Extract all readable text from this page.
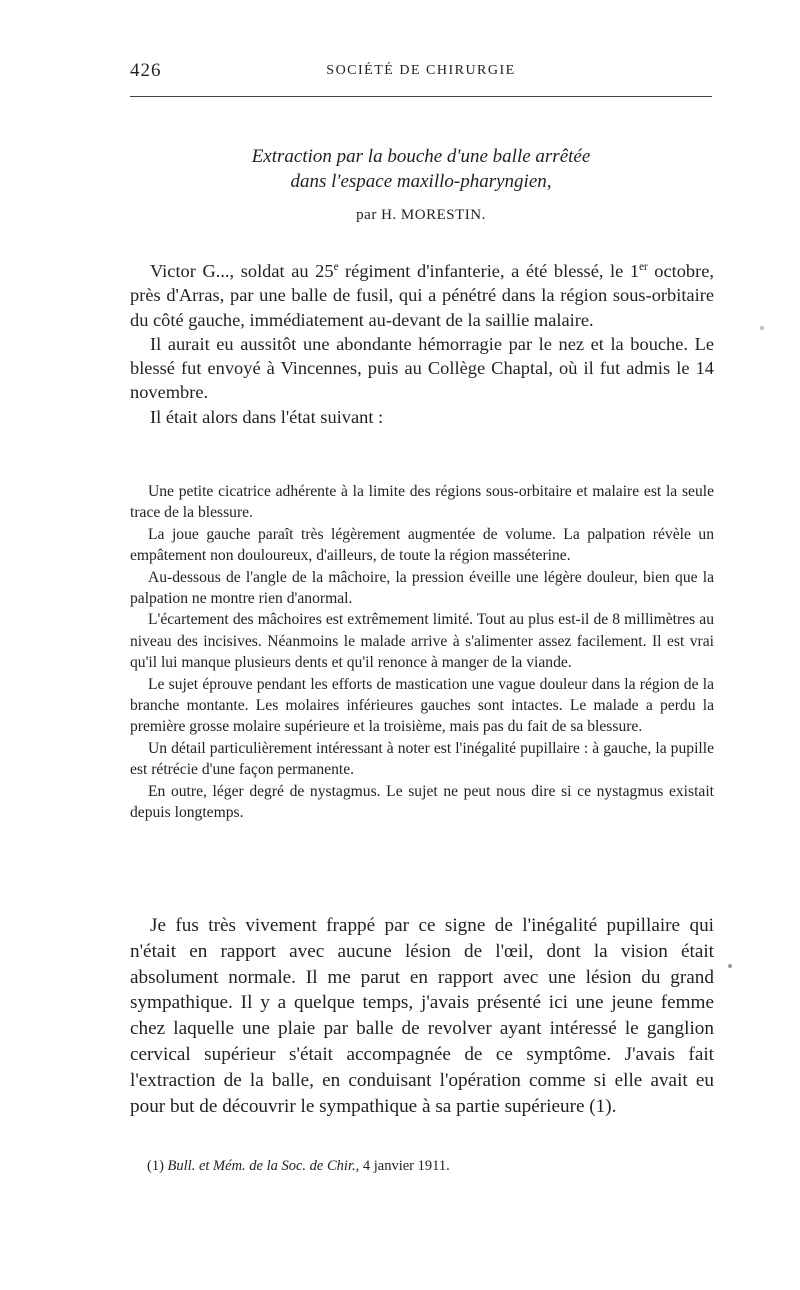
426	SOCIÉTÉ DE CHIRURGIE
Extraction par la bouche d'une balle arrêtée
dans l'espace maxillo-pharyngien,
par H. MORESTIN.

Victor G..., soldat au 25e régiment d'infanterie, a été blessé, le 1er octobre, près d'Arras, par une balle de fusil, qui a pénétré dans la région sous-orbitaire du côté gauche, immédiatement au-devant de la saillie malaire.

Il aurait eu aussitôt une abondante hémorragie par le nez et la bouche. Le blessé fut envoyé à Vincennes, puis au Collège Chaptal, où il fut admis le 14 novembre.

Il était alors dans l'état suivant :

Une petite cicatrice adhérente à la limite des régions sous-orbitaire et malaire est la seule trace de la blessure.

La joue gauche paraît très légèrement augmentée de volume. La palpation révèle un empâtement non douloureux, d'ailleurs, de toute la région masséterine.

Au-dessous de l'angle de la mâchoire, la pression éveille une légère douleur, bien que la palpation ne montre rien d'anormal.

L'écartement des mâchoires est extrêmement limité. Tout au plus est-il de 8 millimètres au niveau des incisives. Néanmoins le malade arrive à s'alimenter assez facilement. Il est vrai qu'il lui manque plusieurs dents et qu'il renonce à manger de la viande.

Le sujet éprouve pendant les efforts de mastication une vague douleur dans la région de la branche montante. Les molaires inférieures gauches sont intactes. Le malade a perdu la première grosse molaire supérieure et la troisième, mais pas du fait de sa blessure.

Un détail particulièrement intéressant à noter est l'inégalité pupillaire : à gauche, la pupille est rétrécie d'une façon permanente.

En outre, léger degré de nystagmus. Le sujet ne peut nous dire si ce nystagmus existait depuis longtemps.

Je fus très vivement frappé par ce signe de l'inégalité pupillaire qui n'était en rapport avec aucune lésion de l'œil, dont la vision était absolument normale. Il me parut en rapport avec une lésion du grand sympathique. Il y a quelque temps, j'avais présenté ici une jeune femme chez laquelle une plaie par balle de revolver ayant intéressé le ganglion cervical supérieur s'était accompagnée de ce symptôme. J'avais fait l'extraction de la balle, en conduisant l'opération comme si elle avait eu pour but de découvrir le sympathique à sa partie supérieure (1).

(1) Bull. et Mém. de la Soc. de Chir., 4 janvier 1911.
